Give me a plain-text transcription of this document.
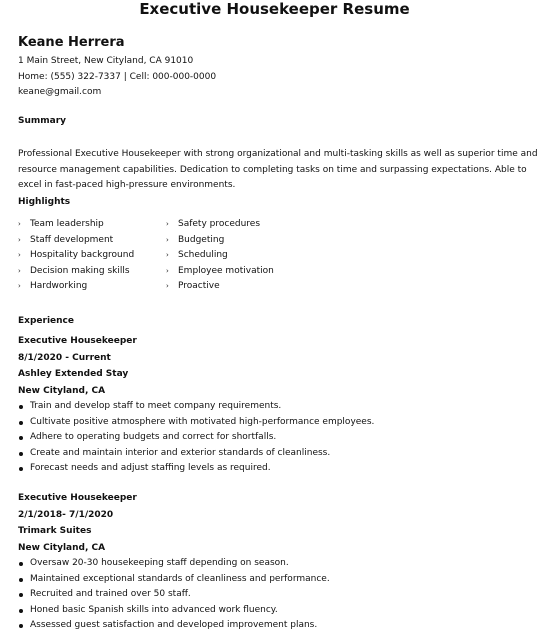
Executive Housekeeper Resume
Keane Herrera
1 Main Street, New Cityland, CA 91010
Home: (555) 322-7337 | Cell: 000-000-0000
keane@gmail.com
Summary
Professional Executive Housekeeper with strong organizational and multi-tasking skills as well as superior time and resource management capabilities. Dedication to completing tasks on time and surpassing expectations. Able to excel in fast-paced high-pressure environments.
Highlights
› Team leadership
› Staff development
› Hospitality background
› Decision making skills
› Hardworking
› Safety procedures
› Budgeting
› Scheduling
› Employee motivation
› Proactive
Experience
Executive Housekeeper
8/1/2020 - Current
Ashley Extended Stay
New Cityland, CA
Train and develop staff to meet company requirements.
Cultivate positive atmosphere with motivated high-performance employees.
Adhere to operating budgets and correct for shortfalls.
Create and maintain interior and exterior standards of cleanliness.
Forecast needs and adjust staffing levels as required.
Executive Housekeeper
2/1/2018- 7/1/2020
Trimark Suites
New Cityland, CA
Oversaw 20-30 housekeeping staff depending on season.
Maintained exceptional standards of cleanliness and performance.
Recruited and trained over 50 staff.
Honed basic Spanish skills into advanced work fluency.
Assessed guest satisfaction and developed improvement plans.
